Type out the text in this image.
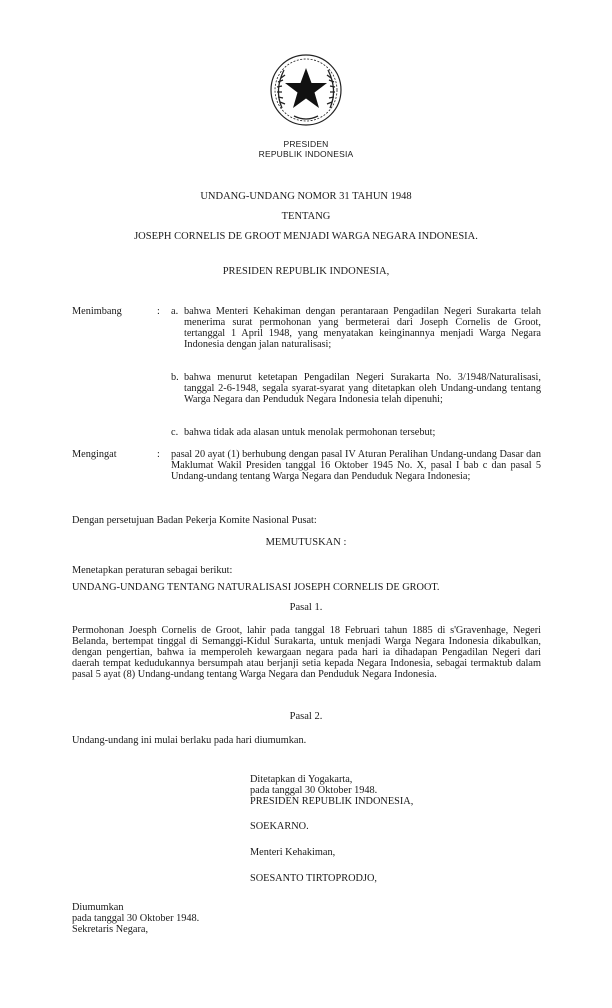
PRESIDEN
REPUBLIK INDONESIA
UNDANG-UNDANG NOMOR 31 TAHUN 1948
TENTANG
JOSEPH CORNELIS DE GROOT MENJADI WARGA NEGARA INDONESIA.
PRESIDEN REPUBLIK INDONESIA,
Menimbang	: a. bahwa Menteri Kehakiman dengan perantaraan Pengadilan Negeri Surakarta telah menerima surat permohonan yang bermeterai dari Joseph Cornelis de Groot, tertanggal 1 April 1948, yang menyatakan keinginannya menjadi Warga Negara Indonesia dengan jalan naturalisasi;
b. bahwa menurut ketetapan Pengadilan Negeri Surakarta No. 3/1948/Naturalisasi, tanggal 2-6-1948, segala syarat-syarat yang ditetapkan oleh Undang-undang tentang Warga Negara dan Penduduk Negara Indonesia telah dipenuhi;
c. bahwa tidak ada alasan untuk menolak permohonan tersebut;
Mengingat	: pasal 20 ayat (1) berhubung dengan pasal IV Aturan Peralihan Undang-undang Dasar dan Maklumat Wakil Presiden tanggal 16 Oktober 1945 No. X, pasal I bab c dan pasal 5 Undang-undang tentang Warga Negara dan Penduduk Negara Indonesia;
Dengan persetujuan Badan Pekerja Komite Nasional Pusat:
MEMUTUSKAN :
Menetapkan peraturan sebagai berikut:
UNDANG-UNDANG TENTANG NATURALISASI JOSEPH CORNELIS DE GROOT.
Pasal 1.
Permohonan Joesph Cornelis de Groot, lahir pada tanggal 18 Februari tahun 1885 di s'Gravenhage, Negeri Belanda, bertempat tinggal di Semanggi-Kidul Surakarta, untuk menjadi Warga Negara Indonesia dikabulkan, dengan pengertian, bahwa ia memperoleh kewargaan negara pada hari ia dihadapan Pengadilan Negeri dari daerah tempat kedudukannya bersumpah atau berjanji setia kepada Negara Indonesia, sebagai termaktub dalam pasal 5 ayat (8) Undang-undang tentang Warga Negara dan Penduduk Negara Indonesia.
Pasal 2.
Undang-undang ini mulai berlaku pada hari diumumkan.
Ditetapkan di Yogakarta,
pada tanggal 30 Oktober 1948.
PRESIDEN REPUBLIK INDONESIA,
SOEKARNO.
Menteri Kehakiman,
SOESANTO TIRTOPRODJO,
Diumumkan
pada tanggal 30 Oktober 1948.
Sekretaris Negara,
